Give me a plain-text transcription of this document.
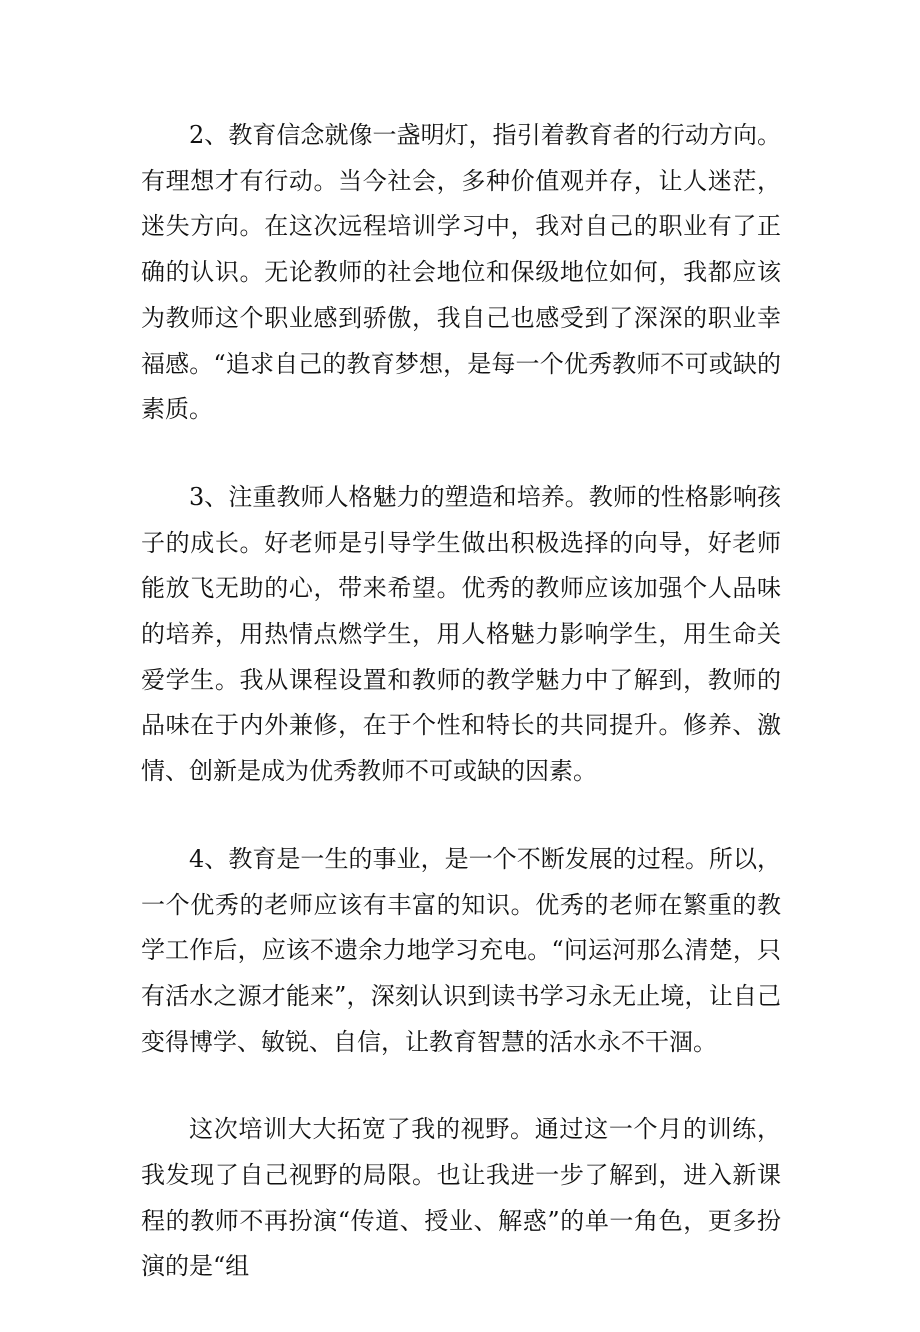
2、教育信念就像一盏明灯，指引着教育者的行动方向。有理想才有行动。当今社会，多种价值观并存，让人迷茫，迷失方向。在这次远程培训学习中，我对自己的职业有了正确的认识。无论教师的社会地位和保级地位如何，我都应该为教师这个职业感到骄傲，我自己也感受到了深深的职业幸福感。“追求自己的教育梦想，是每一个优秀教师不可或缺的素质。

3、注重教师人格魅力的塑造和培养。教师的性格影响孩子的成长。好老师是引导学生做出积极选择的向导，好老师能放飞无助的心，带来希望。优秀的教师应该加强个人品味的培养，用热情点燃学生，用人格魅力影响学生，用生命关爱学生。我从课程设置和教师的教学魅力中了解到，教师的品味在于内外兼修，在于个性和特长的共同提升。修养、激情、创新是成为优秀教师不可或缺的因素。

4、教育是一生的事业，是一个不断发展的过程。所以，一个优秀的老师应该有丰富的知识。优秀的老师在繁重的教学工作后，应该不遗余力地学习充电。“问运河那么清楚，只有活水之源才能来”，深刻认识到读书学习永无止境，让自己变得博学、敏锐、自信，让教育智慧的活水永不干涸。

这次培训大大拓宽了我的视野。通过这一个月的训练，我发现了自己视野的局限。也让我进一步了解到，进入新课程的教师不再扮演“传道、授业、解惑”的单一角色，更多扮演的是“组
